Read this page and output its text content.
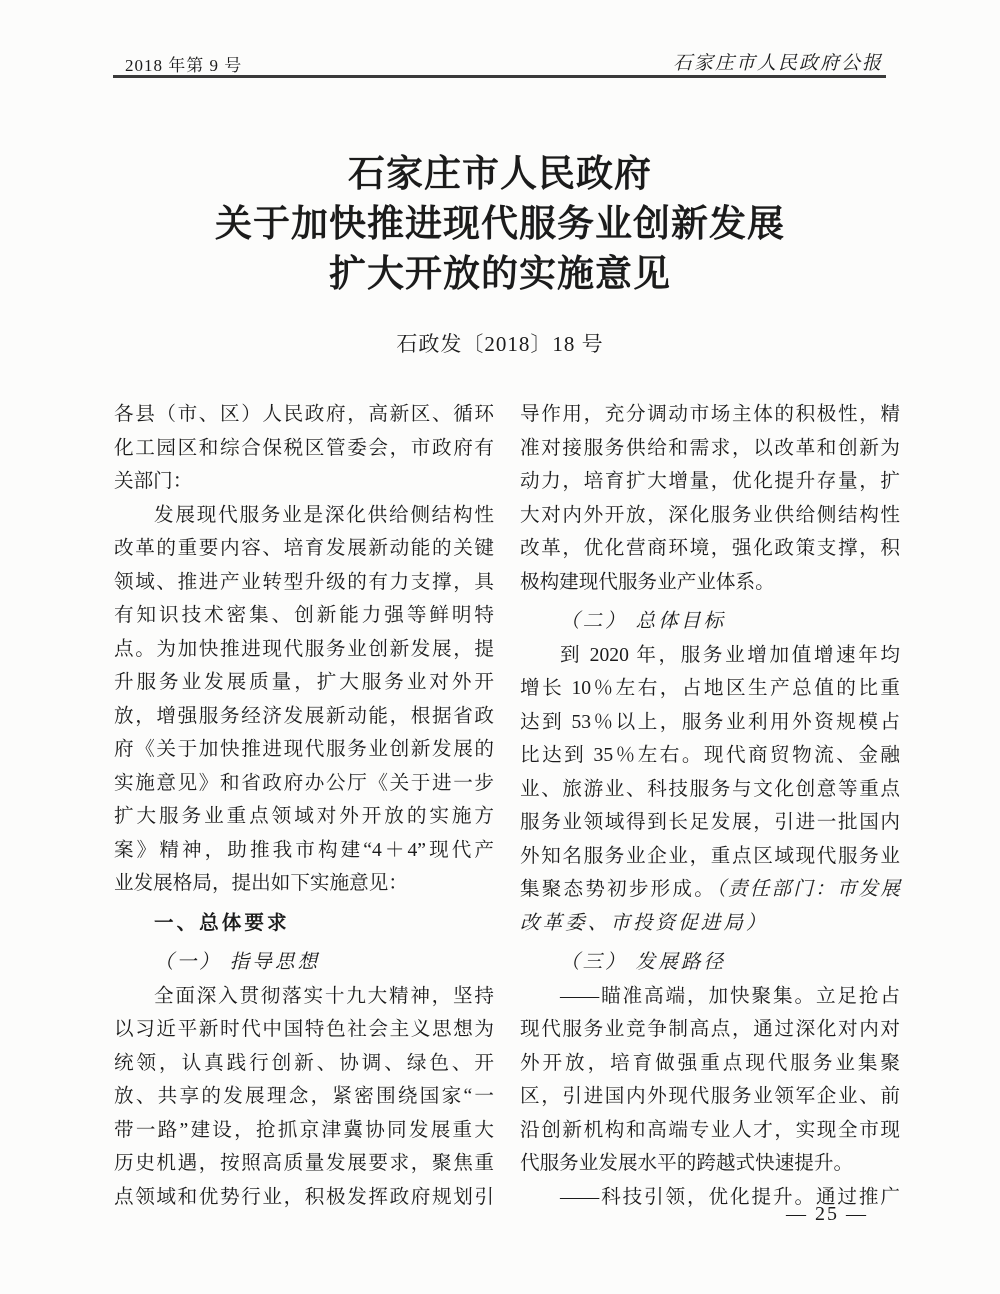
2018 年第 9 号	石家庄市人民政府公报
石家庄市人民政府
关于加快推进现代服务业创新发展
扩大开放的实施意见
石政发〔2018〕18 号
各县（市、区）人民政府，高新区、循环
化工园区和综合保税区管委会，市政府有
关部门：
发展现代服务业是深化供给侧结构性
改革的重要内容、培育发展新动能的关键
领域、推进产业转型升级的有力支撑，具
有知识技术密集、创新能力强等鲜明特
点。为加快推进现代服务业创新发展，提
升服务业发展质量，扩大服务业对外开
放，增强服务经济发展新动能，根据省政
府《关于加快推进现代服务业创新发展的
实施意见》和省政府办公厅《关于进一步
扩大服务业重点领域对外开放的实施方
案》精神，助推我市构建“4＋4”现代产
业发展格局，提出如下实施意见：
一、总体要求
（一） 指导思想
全面深入贯彻落实十九大精神，坚持
以习近平新时代中国特色社会主义思想为
统领，认真践行创新、协调、绿色、开
放、共享的发展理念，紧密围绕国家“一
带一路”建设，抢抓京津冀协同发展重大
历史机遇，按照高质量发展要求，聚焦重
点领域和优势行业，积极发挥政府规划引
导作用，充分调动市场主体的积极性，精
准对接服务供给和需求，以改革和创新为
动力，培育扩大增量，优化提升存量，扩
大对内外开放，深化服务业供给侧结构性
改革，优化营商环境，强化政策支撑，积
极构建现代服务业产业体系。
（二） 总体目标
到 2020 年，服务业增加值增速年均
增长 10％左右，占地区生产总值的比重
达到 53％以上，服务业利用外资规模占
比达到 35％左右。现代商贸物流、金融
业、旅游业、科技服务与文化创意等重点
服务业领域得到长足发展，引进一批国内
外知名服务业企业，重点区域现代服务业
集聚态势初步形成。（责任部门：市发展
改革委、市投资促进局）
（三） 发展路径
——瞄准高端，加快聚集。立足抢占
现代服务业竞争制高点，通过深化对内对
外开放，培育做强重点现代服务业集聚
区，引进国内外现代服务业领军企业、前
沿创新机构和高端专业人才，实现全市现
代服务业发展水平的跨越式快速提升。
——科技引领，优化提升。通过推广
— 25 —
